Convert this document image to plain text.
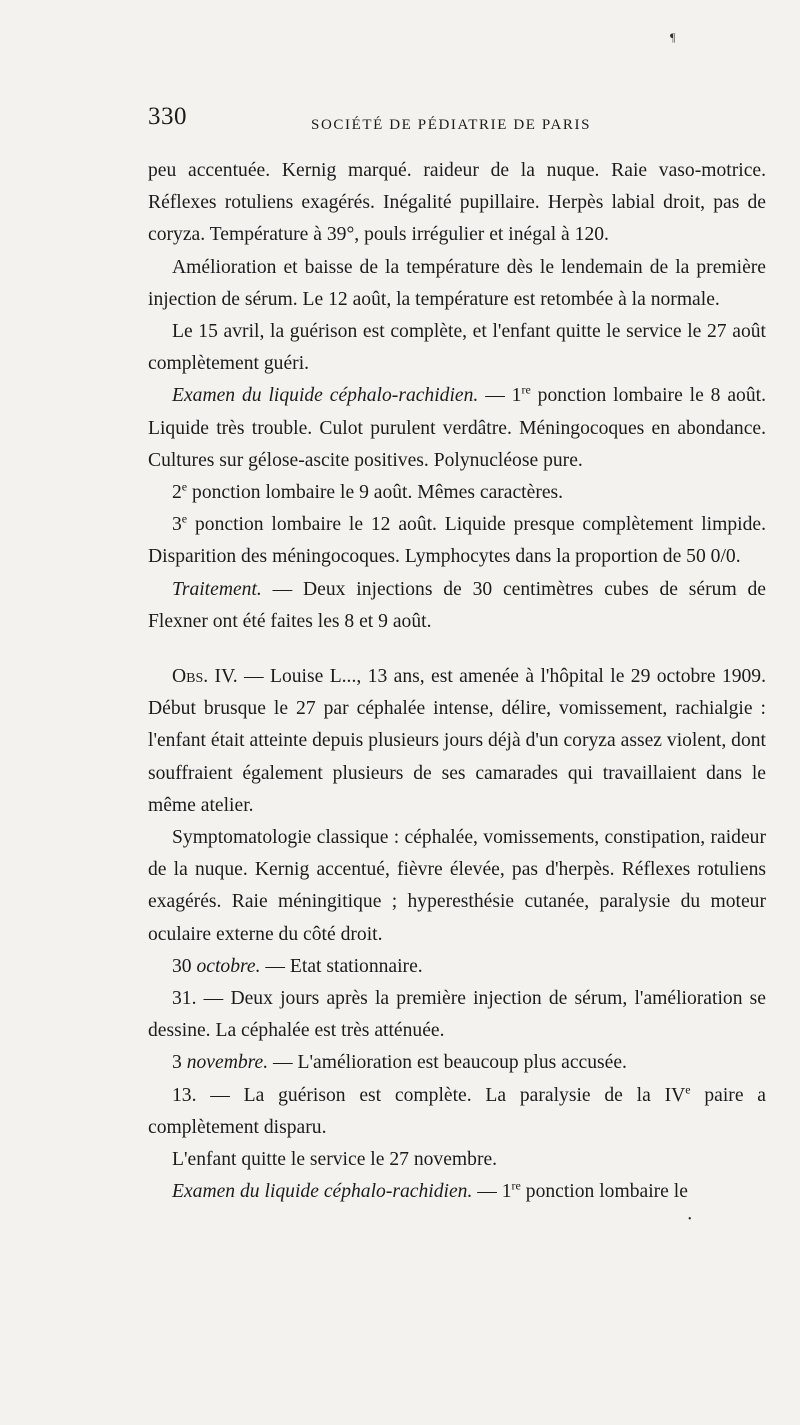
¶
330	SOCIÉTÉ DE PÉDIATRIE DE PARIS

peu accentuée. Kernig marqué. raideur de la nuque. Raie vaso-motrice. Réflexes rotuliens exagérés. Inégalité pupillaire. Herpès labial droit, pas de coryza. Température à 39°, pouls irrégulier et inégal à 120.

Amélioration et baisse de la température dès le lendemain de la première injection de sérum. Le 12 août, la température est retombée à la normale.

Le 15 avril, la guérison est complète, et l'enfant quitte le service le 27 août complètement guéri.

Examen du liquide céphalo-rachidien. — 1re ponction lombaire le 8 août. Liquide très trouble. Culot purulent verdâtre. Méningocoques en abondance. Cultures sur gélose-ascite positives. Polynucléose pure.

2e ponction lombaire le 9 août. Mêmes caractères.

3e ponction lombaire le 12 août. Liquide presque complètement limpide. Disparition des méningocoques. Lymphocytes dans la proportion de 50 0/0.

Traitement. — Deux injections de 30 centimètres cubes de sérum de Flexner ont été faites les 8 et 9 août.

Obs. IV. — Louise L..., 13 ans, est amenée à l'hôpital le 29 octobre 1909. Début brusque le 27 par céphalée intense, délire, vomissement, rachialgie : l'enfant était atteinte depuis plusieurs jours déjà d'un coryza assez violent, dont souffraient également plusieurs de ses camarades qui travaillaient dans le même atelier.

Symptomatologie classique : céphalée, vomissements, constipation, raideur de la nuque. Kernig accentué, fièvre élevée, pas d'herpès. Réflexes rotuliens exagérés. Raie méningitique ; hyperesthésie cutanée, paralysie du moteur oculaire externe du côté droit.

30 octobre. — Etat stationnaire.

31. — Deux jours après la première injection de sérum, l'amélioration se dessine. La céphalée est très atténuée.

3 novembre. — L'amélioration est beaucoup plus accusée.

13. — La guérison est complète. La paralysie de la IVe paire a complètement disparu.

L'enfant quitte le service le 27 novembre.

Examen du liquide céphalo-rachidien. — 1re ponction lombaire le

•
